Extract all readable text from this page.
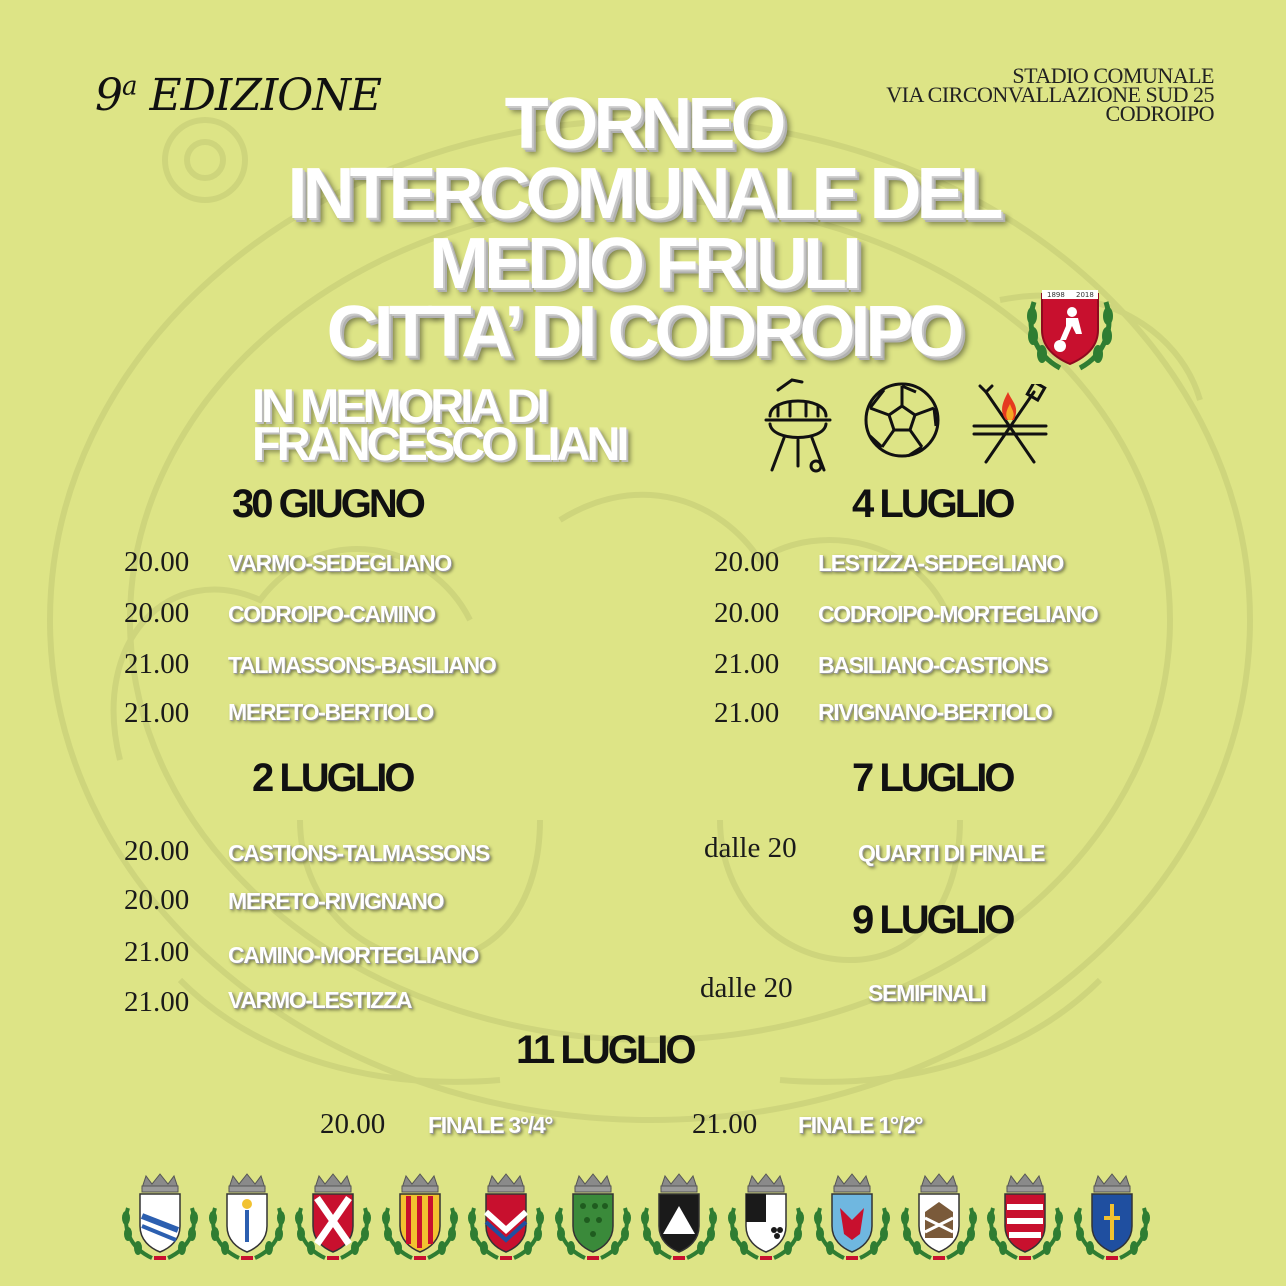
9$^a$ EDIZIONE	STADIO COMUNALE
VIA CIRCONVALLAZIONE SUD 25
CODROIPO
TORNEO
INTERCOMUNALE DEL
MEDIO FRIULI
CITTA’ DI CODROIPO	1898 2018
IN MEMORIA DI
FRANCESCO LIANI
30 GIUGNO
20.00 VARMO-SEDEGLIANO
20.00 CODROIPO-CAMINO
21.00 TALMASSONS-BASILIANO
21.00 MERETO-BERTIOLO
2 LUGLIO
20.00 CASTIONS-TALMASSONS
20.00 MERETO-RIVIGNANO
21.00 CAMINO-MORTEGLIANO
21.00 VARMO-LESTIZZA
4 LUGLIO
20.00 LESTIZZA-SEDEGLIANO
20.00 CODROIPO-MORTEGLIANO
21.00 BASILIANO-CASTIONS
21.00 RIVIGNANO-BERTIOLO
7 LUGLIO
dalle 20	QUARTI DI FINALE
9 LUGLIO
dalle 20	SEMIFINALI
11 LUGLIO
20.00 FINALE 3°/4°	21.00 FINALE 1°/2°
